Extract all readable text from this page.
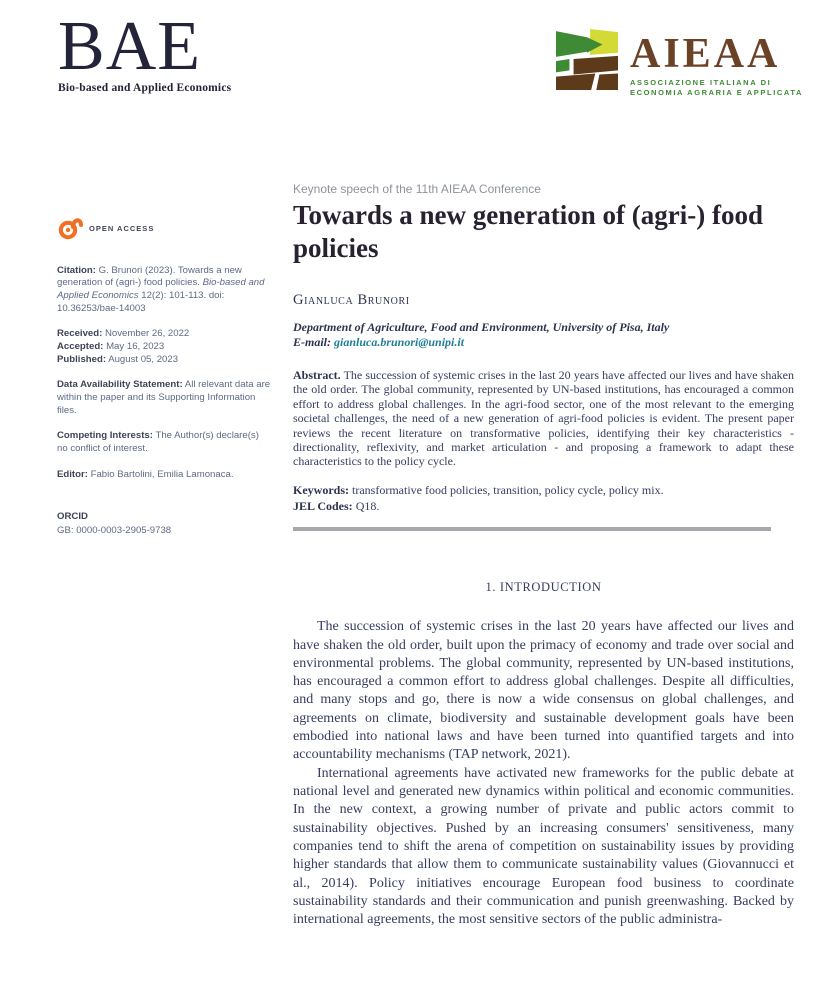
BAE
Bio-based and Applied Economics
AIEAA
ASSOCIAZIONE ITALIANA DI
ECONOMIA AGRARIA E APPLICATA
OPEN ACCESS
Citation: G. Brunori (2023). Towards a new generation of (agri-) food policies. Bio-based and Applied Economics 12(2): 101-113. doi: 10.36253/bae-14003
Received: November 26, 2022
Accepted: May 16, 2023
Published: August 05, 2023
Data Availability Statement: All relevant data are within the paper and its Supporting Information files.
Competing Interests: The Author(s) declare(s) no conflict of interest.
Editor: Fabio Bartolini, Emilia Lamonaca.
ORCID
GB: 0000-0003-2905-9738

Keynote speech of the 11th AIEAA Conference

Towards a new generation of (agri-) food policies
Gianluca Brunori
Department of Agriculture, Food and Environment, University of Pisa, Italy
E-mail: gianluca.brunori@unipi.it

Abstract. The succession of systemic crises in the last 20 years have affected our lives and have shaken the old order. The global community, represented by UN-based institutions, has encouraged a common effort to address global challenges. In the agri-food sector, one of the most relevant to the emerging societal challenges, the need of a new generation of agri-food policies is evident. The present paper reviews the recent literature on transformative policies, identifying their key characteristics - directionality, reflexivity, and market articulation - and proposing a framework to adapt these characteristics to the policy cycle.

Keywords: transformative food policies, transition, policy cycle, policy mix.
JEL Codes: Q18.
1. INTRODUCTION

The succession of systemic crises in the last 20 years have affected our lives and have shaken the old order, built upon the primacy of economy and trade over social and environmental problems. The global community, represented by UN-based institutions, has encouraged a common effort to address global challenges. Despite all difficulties, and many stops and go, there is now a wide consensus on global challenges, and agreements on climate, biodiversity and sustainable development goals have been embodied into national laws and have been turned into quantified targets and into accountability mechanisms (TAP network, 2021).

International agreements have activated new frameworks for the public debate at national level and generated new dynamics within political and economic communities. In the new context, a growing number of private and public actors commit to sustainability objectives. Pushed by an increasing consumers' sensitiveness, many companies tend to shift the arena of competition on sustainability issues by providing higher standards that allow them to communicate sustainability values (Giovannucci et al., 2014). Policy initiatives encourage European food business to coordinate sustainability standards and their communication and punish greenwashing. Backed by international agreements, the most sensitive sectors of the public administra-
